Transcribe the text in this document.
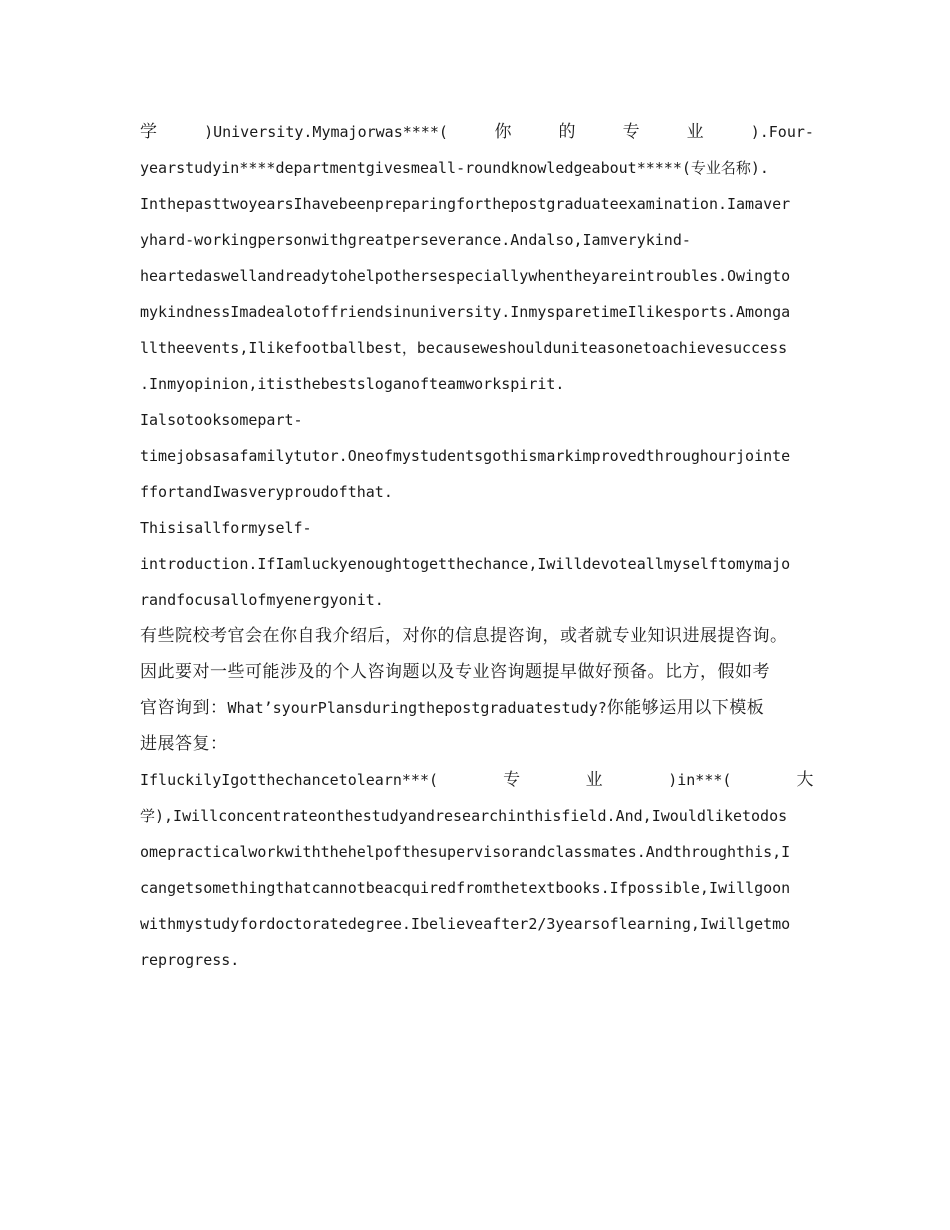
学	)University.Mymajorwas****(	你	的	专	业	).Four-
yearstudyin****departmentgivesmeall-roundknowledgeabout*****(专业名称).
InthepasttwoyearsIhavebeenpreparingforthepostgraduateexamination.Iamaver
yhard-workingpersonwithgreatperseverance.Andalso,Iamverykind-
heartedaswellandreadytohelpothersespeciallywhentheyareintroubles.Owingto
mykindnessImadealotoffriendsinuniversity.InmysparetimeIlikesports.Amonga
lltheevents,Ilikefootballbest，becauseweshoulduniteasonetoachievesuccess
.Inmyopinion,itisthebestsloganofteamworkspirit.
Ialsotooksomepart-
timejobsasafamilytutor.Oneofmystudentsgothismarkimprovedthroughourjointe
ffortandIwasveryproudofthat.
Thisisallformyself-
introduction.IfIamluckyenoughtogetthechance,Iwilldevoteallmyselftomymajo
randfocusallofmyenergyonit.
有些院校考官会在你自我介绍后，对你的信息提咨询，或者就专业知识进展提咨询。
因此要对一些可能涉及的个人咨询题以及专业咨询题提早做好预备。比方，假如考
官咨询到：What’syourPlansduringthepostgraduatestudy?你能够运用以下模板
进展答复：
IfluckilyIgotthechancetolearn***(	专	业	)in***(	大
学),Iwillconcentrateonthestudyandresearchinthisfield.And,Iwouldliketodos
omepracticalworkwiththehelpofthesupervisorandclassmates.Andthroughthis,I
cangetsomethingthatcannotbeacquiredfromthetextbooks.Ifpossible,Iwillgoon
withmystudyfordoctoratedegree.Ibelieveafter2/3yearsoflearning,Iwillgetmo
reprogress.
